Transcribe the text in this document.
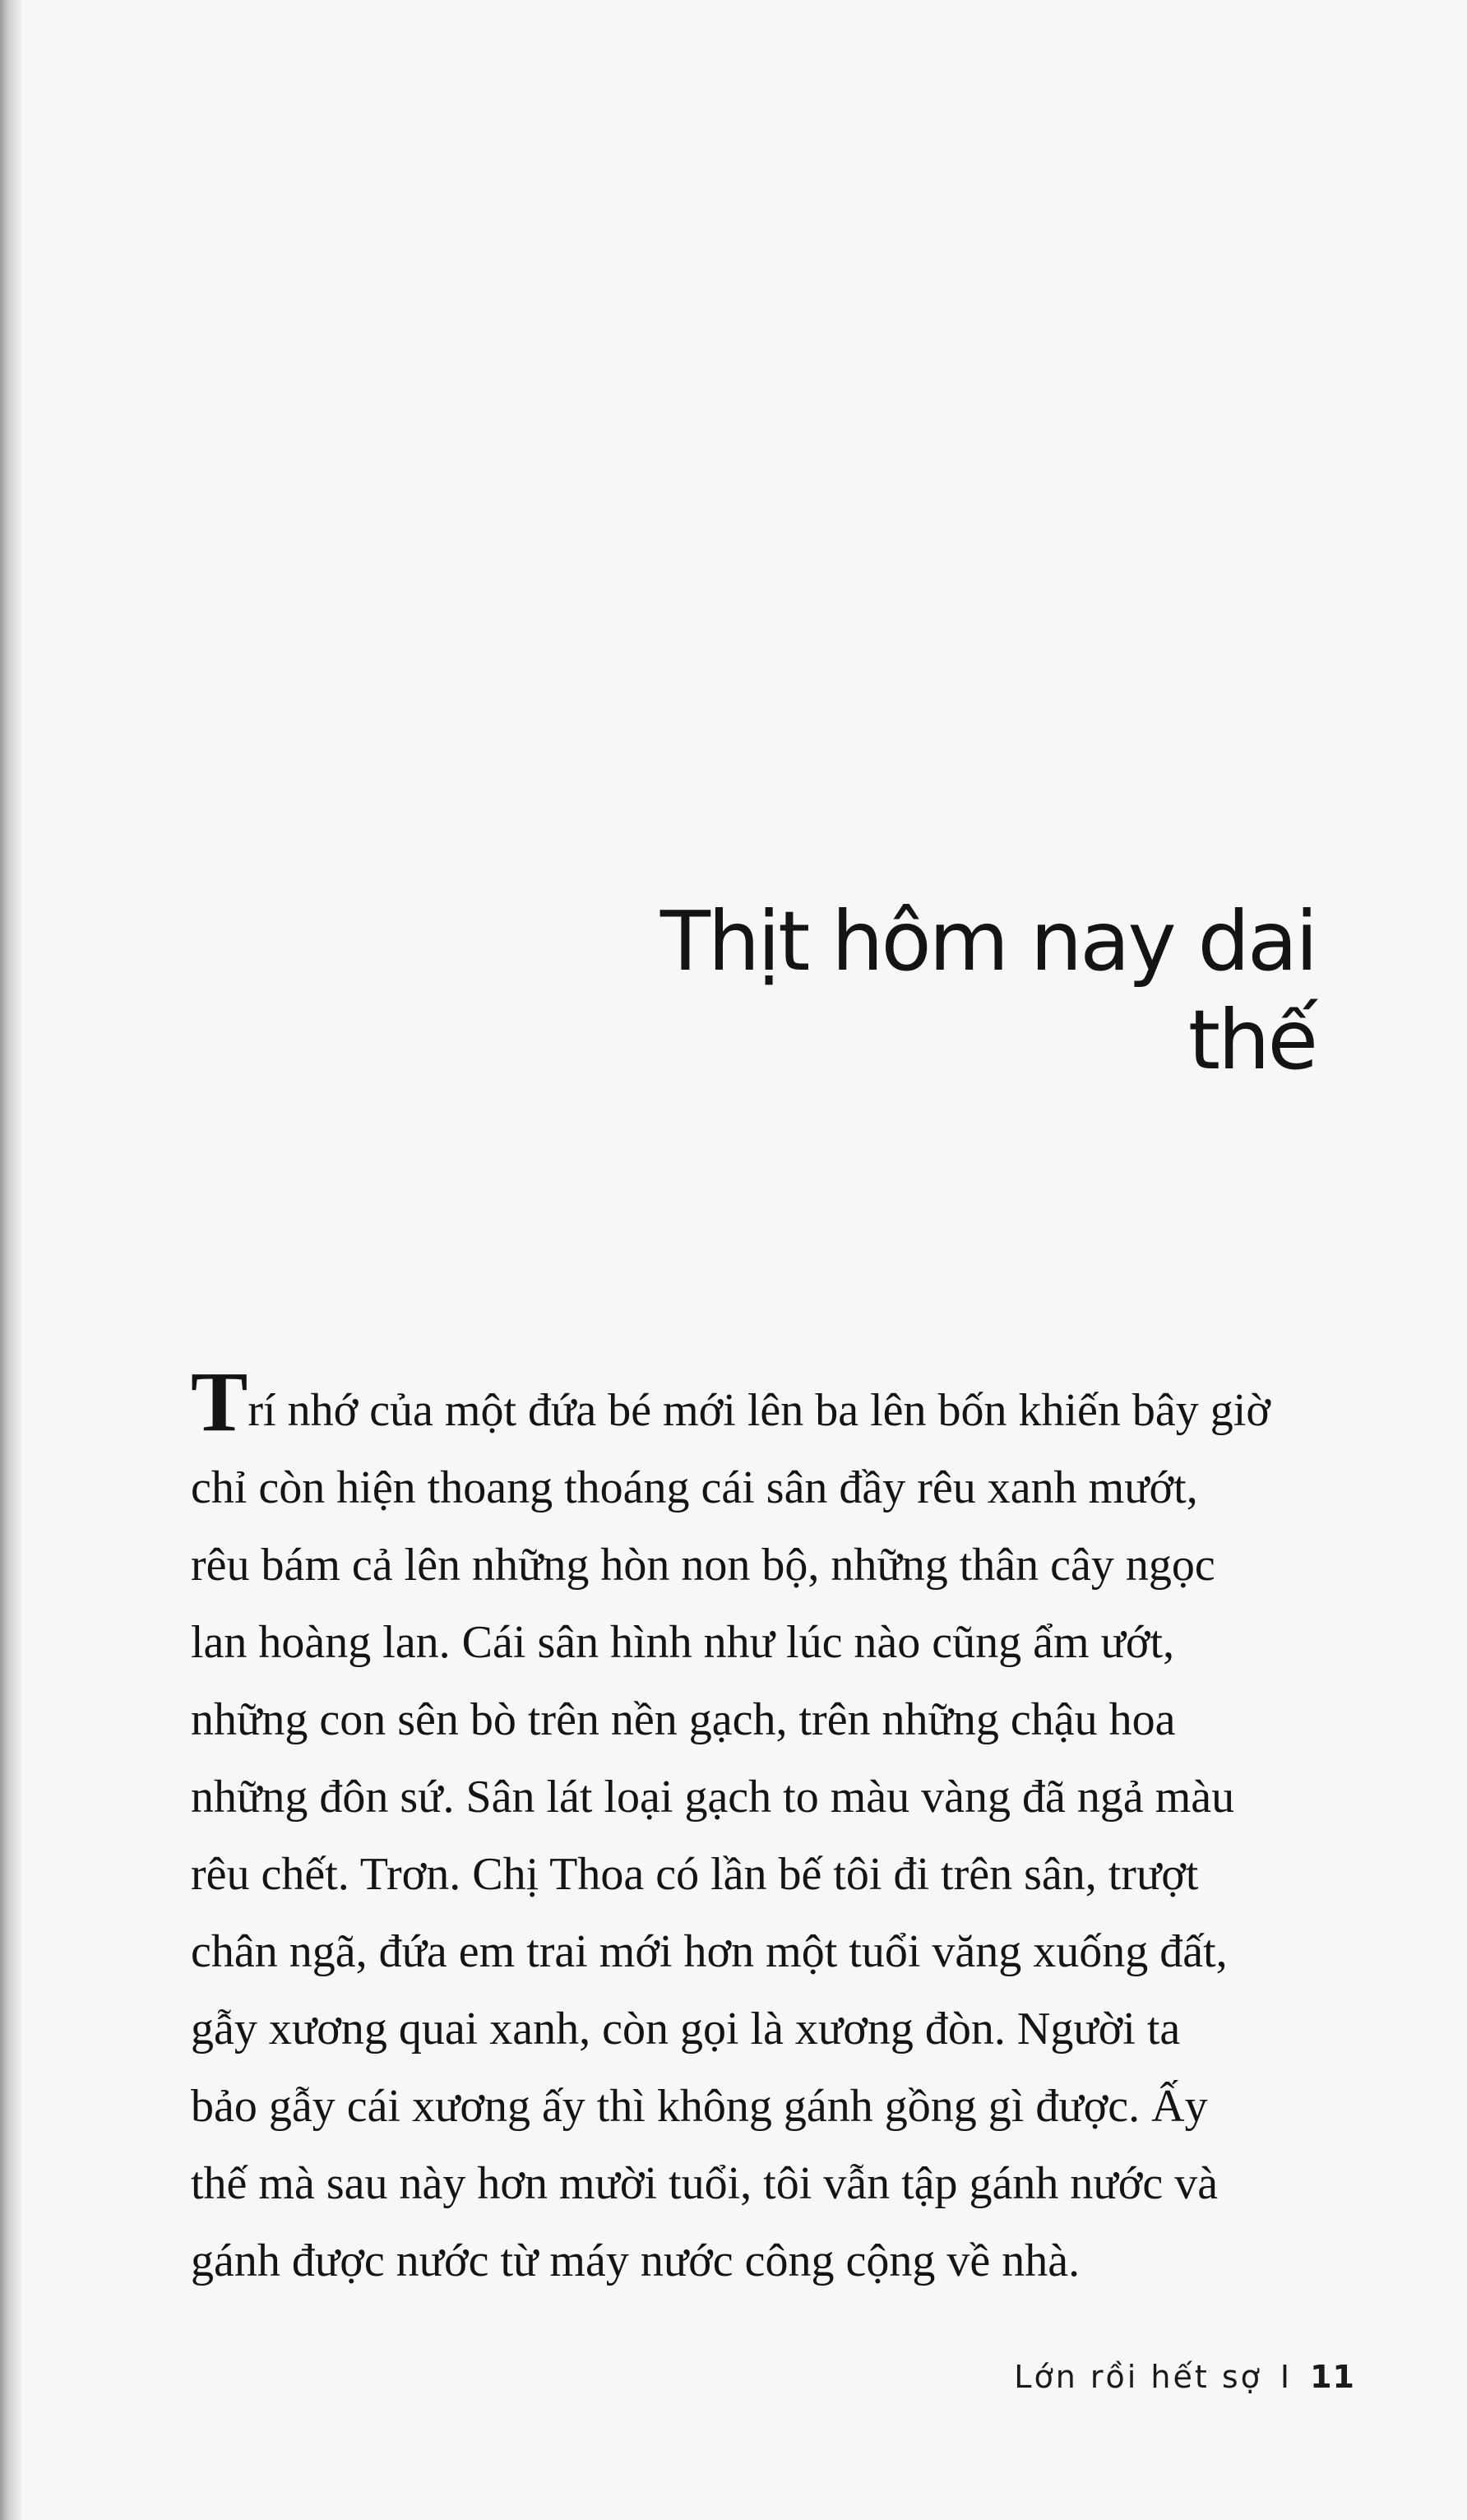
Thịt hôm nay dai thế

Trí nhớ của một đứa bé mới lên ba lên bốn khiến bây giờ
chỉ còn hiện thoang thoáng cái sân đầy rêu xanh mướt,
rêu bám cả lên những hòn non bộ, những thân cây ngọc
lan hoàng lan. Cái sân hình như lúc nào cũng ẩm ướt,
những con sên bò trên nền gạch, trên những chậu hoa
những đôn sứ. Sân lát loại gạch to màu vàng đã ngả màu
rêu chết. Trơn. Chị Thoa có lần bế tôi đi trên sân, trượt
chân ngã, đứa em trai mới hơn một tuổi văng xuống đất,
gẫy xương quai xanh, còn gọi là xương đòn. Người ta
bảo gẫy cái xương ấy thì không gánh gồng gì được. Ấy
thế mà sau này hơn mười tuổi, tôi vẫn tập gánh nước và
gánh được nước từ máy nước công cộng về nhà.

Lớn rồi hết sợ I 11
